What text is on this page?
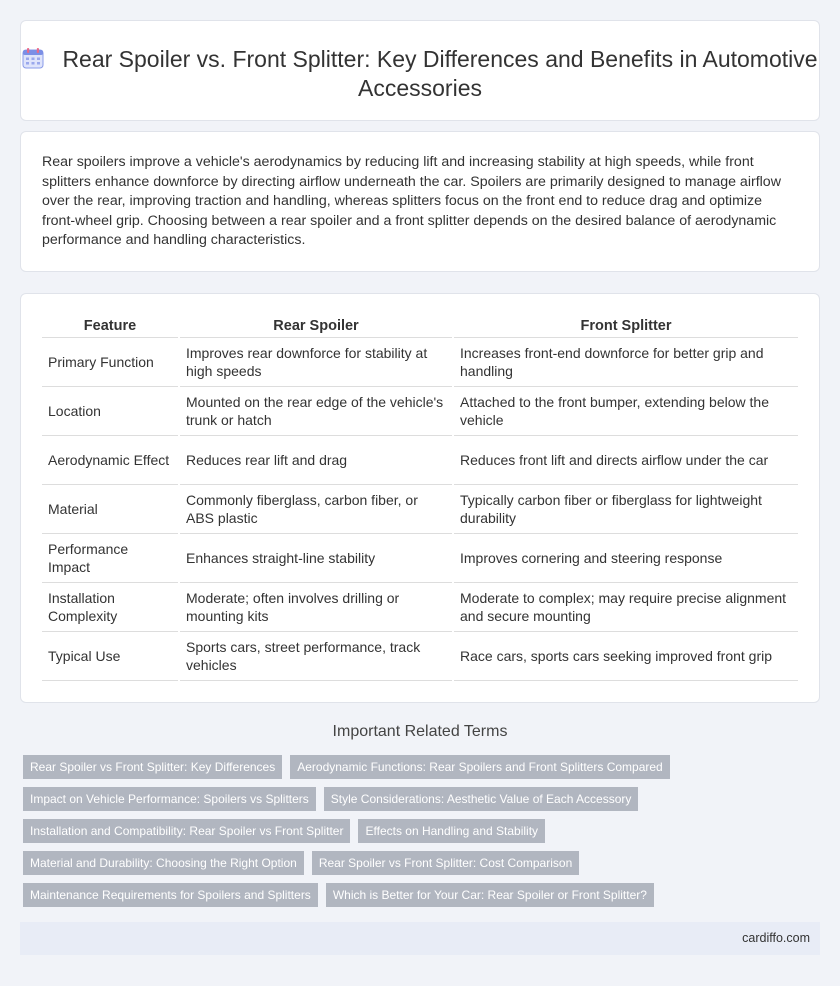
Rear Spoiler vs. Front Splitter: Key Differences and Benefits in Automotive Accessories

Rear spoilers improve a vehicle's aerodynamics by reducing lift and increasing stability at high speeds, while front splitters enhance downforce by directing airflow underneath the car. Spoilers are primarily designed to manage airflow over the rear, improving traction and handling, whereas splitters focus on the front end to reduce drag and optimize front-wheel grip. Choosing between a rear spoiler and a front splitter depends on the desired balance of aerodynamic performance and handling characteristics.

Feature	Rear Spoiler	Front Splitter
Primary Function	Improves rear downforce for stability at high speeds	Increases front-end downforce for better grip and handling
Location	Mounted on the rear edge of the vehicle's trunk or hatch	Attached to the front bumper, extending below the vehicle
Aerodynamic Effect	Reduces rear lift and drag	Reduces front lift and directs airflow under the car
Material	Commonly fiberglass, carbon fiber, or ABS plastic	Typically carbon fiber or fiberglass for lightweight durability
Performance Impact	Enhances straight-line stability	Improves cornering and steering response
Installation Complexity	Moderate; often involves drilling or mounting kits	Moderate to complex; may require precise alignment and secure mounting
Typical Use	Sports cars, street performance, track vehicles	Race cars, sports cars seeking improved front grip
Important Related Terms
Rear Spoiler vs Front Splitter: Key Differences	Aerodynamic Functions: Rear Spoilers and Front Splitters Compared
Impact on Vehicle Performance: Spoilers vs Splitters	Style Considerations: Aesthetic Value of Each Accessory
Installation and Compatibility: Rear Spoiler vs Front Splitter	Effects on Handling and Stability
Material and Durability: Choosing the Right Option	Rear Spoiler vs Front Splitter: Cost Comparison
Maintenance Requirements for Spoilers and Splitters	Which is Better for Your Car: Rear Spoiler or Front Splitter?
cardiffo.com
